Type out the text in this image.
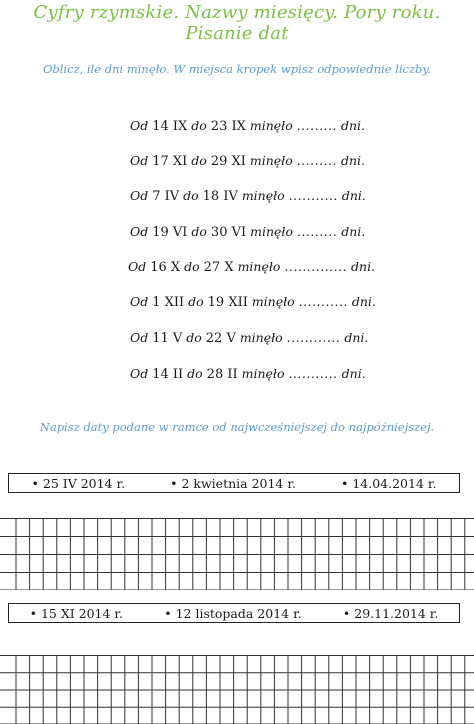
Cyfry rzymskie. Nazwy miesięcy. Pory roku. Pisanie dat
Oblicz, ile dni minęło. W miejsca kropek wpisz odpowiednie liczby.
Od 14 IX do 23 IX minęło ......... dni.
Od 17 XI do 29 XI minęło ......... dni.
Od 7 IV do 18 IV minęło ........... dni.
Od 19 VI do 30 VI minęło ......... dni.
Od 16 X do 27 X minęło .............. dni.
Od 1 XII do 19 XII minęło ........... dni.
Od 11 V do 22 V minęło ............ dni.
Od 14 II do 28 II minęło ........... dni.
Napisz daty podane w ramce od najwcześniejszej do najpóźniejszej.
• 25 IV 2014 r.	• 2 kwietnia 2014 r.	• 14.04.2014 r.
• 15 XI 2014 r.	• 12 listopada 2014 r.	• 29.11.2014 r.
